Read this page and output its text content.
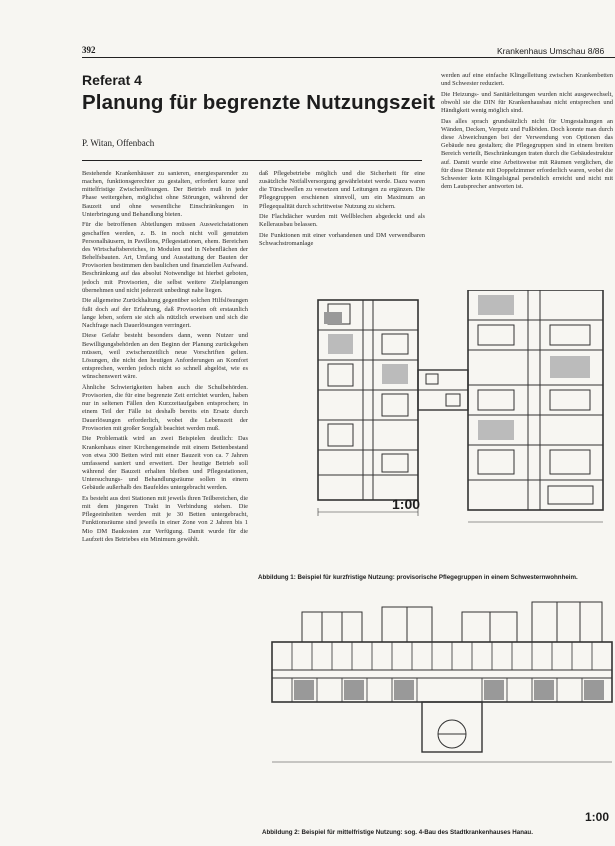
392	Krankenhaus Umschau 8/86
Referat 4
Planung für begrenzte Nutzungszeit
P. Witan, Offenbach

Bestehende Krankenhäuser zu sanieren, energiesparender zu machen, funktionsgerechter zu gestalten, erfordert kurze und mittelfristige Zwischenlösungen. Der Betrieb muß in jeder Phase weitergehen, möglichst ohne Störungen, während der Bauzeit und ohne wesentliche Einschränkungen in Unterbringung und Behandlung bieten.

Für die betroffenen Abteilungen müssen Ausweichstationen geschaffen werden, z. B. in noch nicht voll genutzten Personalhäusern, in Pavillons, Pflegestationen, ehem. Bereichen des Wirtschaftsbereiches, in Modulen und in Nebenflächen der Behelfsbauten. Art, Umfang und Ausstattung der Bauten der Provisorien bestimmen den baulichen und finanziellen Aufwand. Beschränkung auf das absolut Notwendige ist hierbei geboten, jedoch mit Provisorien, die selbst weitere Zielplanungen übernehmen und nicht jederzeit unbedingt nahe liegen.

Die allgemeine Zurückhaltung gegenüber solchen Hilfslösungen fußt doch auf der Erfahrung, daß Provisorien oft erstaunlich lange leben, sofern sie sich als nützlich erweisen und sich die Nachfrage nach Dauerlösungen verringert.

Diese Gefahr besteht besonders dann, wenn Nutzer und Bewilligungsbehörden an den Beginn der Planung zurückgehen müssen, weil zwischenzeitlich neue Vorschriften gelten. Lösungen, die nicht den heutigen Anforderungen an Komfort entsprechen, werden jedoch nicht so schnell abgelöst, wie es wünschenswert wäre.

Ähnliche Schwierigkeiten haben auch die Schulbehörden. Provisorien, die für eine begrenzte Zeit errichtet wurden, haben nur in seltenen Fällen den Kurzzeitaufgaben entsprochen; in einem Teil der Fälle ist deshalb bereits ein Ersatz durch Dauerlösungen erforderlich, wobei die Lebenszeit der Provisorien mit großer Sorgfalt beachtet werden muß.

Die Problematik wird an zwei Beispielen deutlich: Das Krankenhaus einer Kirchengemeinde mit einem Bettenbestand von etwa 300 Betten wird mit einer Bauzeit von ca. 7 Jahren umfassend saniert und erweitert. Der heutige Betrieb soll während der Bauzeit erhalten bleiben und Pflegestationen, Untersuchungs- und Behandlungsräume sollen in einem Gebäude außerhalb des Baufeldes untergebracht werden.

Es besteht aus drei Stationen mit jeweils ihren Teilbereichen, die mit dem jüngeren Trakt in Verbindung stehen. Die Pflegeeinheiten werden mit je 30 Betten untergebracht, Funktionsräume sind jeweils in einer Zone von 2 Jahren bis 1 Mio DM Baukosten zur Verfügung. Damit wurde für die Laufzeit des Betriebes ein Minimum gewählt.

daß Pflegebetriebe möglich und die Sicherheit für eine zusätzliche Notfallversorgung gewährleistet werde. Dazu waren die Türschwellen zu versetzen und Leitungen zu ergänzen. Die Pflegegruppen erschienen sinnvoll, um ein Maximum an Pflegequalität durch schrittweise Nutzung zu sichern.

Die Flachdächer wurden mit Wellblechen abgedeckt und als Kellerausbau belassen.

Die Funktionen mit einer vorhandenen und DM verwendbaren Schwachstromanlage

werden auf eine einfache Klingelleitung zwischen Krankenbetten und Schwester reduziert.

Die Heizungs- und Sanitärleitungen wurden nicht ausgewechselt, obwohl sie die DIN für Krankenhausbau nicht entsprechen und Händigkeit wenig möglich sind.

Das alles sprach grundsätzlich nicht für Umgestaltungen an Wänden, Decken, Verputz und Fußböden. Doch konnte man durch diese Abweichungen bei der Verwendung von Optionen das Gebäude neu gestalten; die Pflegegruppen sind in einem breiten Bereich verteilt, Beschränkungen traten durch die Gebäudestruktur auf. Damit wurde eine Arbeitsweise mit Räumen verglichen, die für diese Dienste mit Doppelzimmer erforderlich waren, wobei die Schwester kein Klingelsignal persönlich erreicht und nicht mit dem Lautsprecher antworten ist.

1:00
Abbildung 1: Beispiel für kurzfristige Nutzung: provisorische Pflegegruppen in einem Schwesternwohnheim.
1:00
Abbildung 2: Beispiel für mittelfristige Nutzung: sog. 4-Bau des Stadtkrankenhauses Hanau.
